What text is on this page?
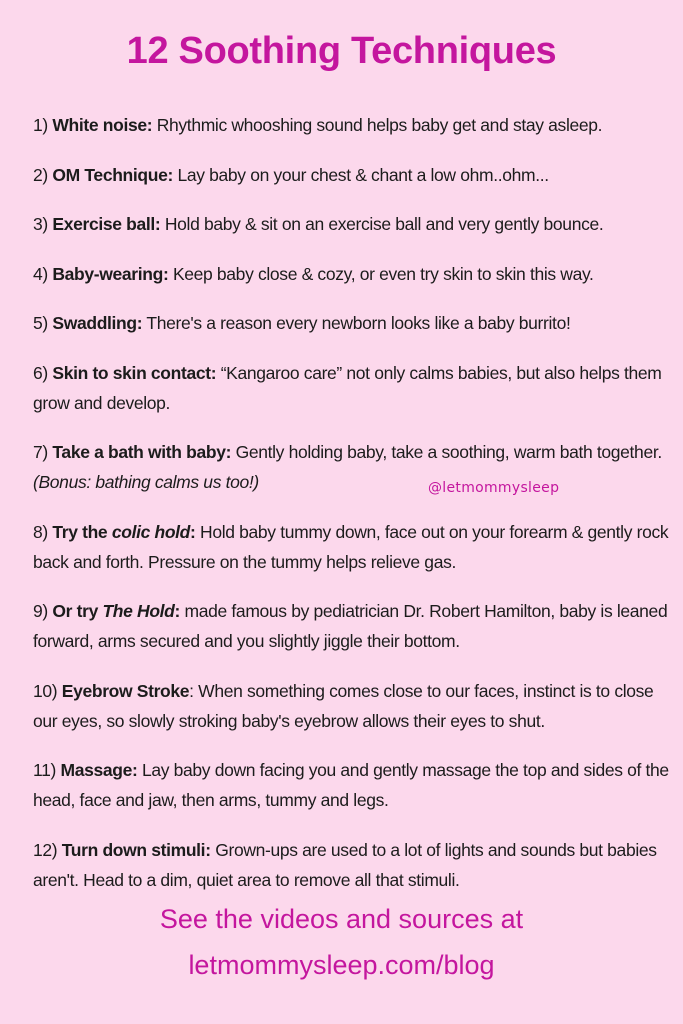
12 Soothing Techniques
1) White noise: Rhythmic whooshing sound helps baby get and stay asleep.
2) OM Technique: Lay baby on your chest & chant a low ohm..ohm...
3) Exercise ball: Hold baby & sit on an exercise ball and very gently bounce.
4) Baby-wearing: Keep baby close & cozy, or even try skin to skin this way.
5) Swaddling: There's a reason every newborn looks like a baby burrito!
6) Skin to skin contact: “Kangaroo care” not only calms babies, but also helps them grow and develop.
7) Take a bath with baby: Gently holding baby, take a soothing, warm bath together. (Bonus: bathing calms us too!)
8) Try the colic hold: Hold baby tummy down, face out on your forearm & gently rock back and forth. Pressure on the tummy helps relieve gas.
9) Or try The Hold: made famous by pediatrician Dr. Robert Hamilton, baby is leaned forward, arms secured and you slightly jiggle their bottom.
10) Eyebrow Stroke: When something comes close to our faces, instinct is to close our eyes, so slowly stroking baby's eyebrow allows their eyes to shut.
11) Massage: Lay baby down facing you and gently massage the top and sides of the head, face and jaw, then arms, tummy and legs.
12) Turn down stimuli: Grown-ups are used to a lot of lights and sounds but babies aren't. Head to a dim, quiet area to remove all that stimuli.
@letmommysleep
See the videos and sources at
letmommysleep.com/blog
